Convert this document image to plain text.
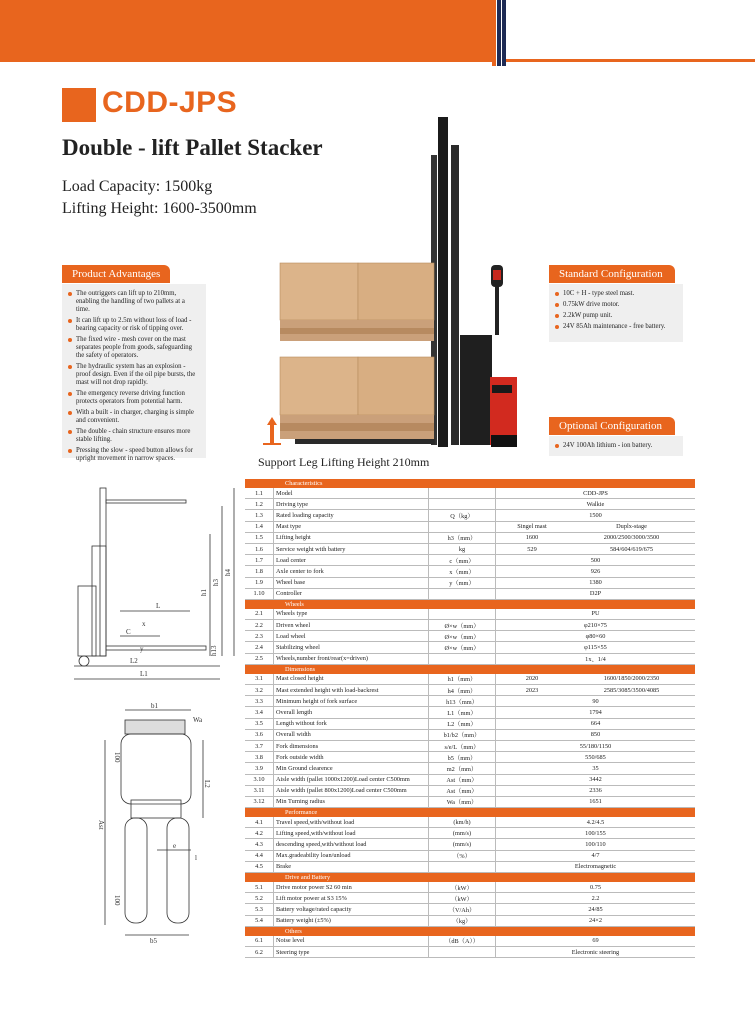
CDD-JPS
Double - lift Pallet Stacker
Load Capacity: 1500kg
Lifting Height: 1600-3500mm
Product Advantages
The outriggers can lift up to 210mm, enabling the handling of two pallets at a time.
It can lift up to 2.5m without loss of load - bearing capacity or risk of tipping over.
The fixed wire - mesh cover on the mast separates people from goods, safeguarding the safety of operators.
The hydraulic system has an explosion - proof design. Even if the oil pipe bursts, the mast will not drop rapidly.
The emergency reverse driving function protects operators from potential harm.
With a built - in charger, charging is simple and convenient.
The double - chain structure ensures more stable lifting.
Pressing the slow - speed button allows for upright movement in narrow spaces.
Standard Configuration
10C + H - type steel mast.
0.75kW drive motor.
2.2kW pump unit.
24V 85Ah maintenance - free battery.
Optional Configuration
24V 100Ah lithium - ion battery.
Support Leg Lifting Height 210mm
h1
h3
h4
L
C
x
y
L1
L2
h13
b1
Wa
100
Ast
L2
e
l
100
b5
Characteristics				
1.1	Model		CDD-JPS	
1.2	Driving type		Walkie	
1.3	Rated loading capacity	Q（kg）	1500	
1.4	Mast type		Singel mast	Duplx-stage
1.5	Lifting height	h3（mm）	1600	2000/2500/3000/3500
1.6	Service weight with battery	kg	529	584/604/619/675
1.7	Load center	c（mm）	500	
1.8	Axle center to fork	x（mm）	926	
1.9	Wheel base	y（mm）	1380	
1.10	Controller		D2P	
Wheels				
2.1	Wheels type		PU	
2.2	Driven wheel	Ø×w（mm）	φ210×75	
2.3	Load wheel	Ø×w（mm）	φ80×60	
2.4	Stabilizing wheel	Ø×w（mm）	φ115×55	
2.5	Wheels,number front/rear(x=driven)		1x、1/4	
Dimensions				
3.1	Mast closed height	h1（mm）	2020	1600/1850/2000/2350
3.2	Mast extended height with load-backrest	h4（mm）	2023	2585/3085/3500/4085
3.3	Minimum height of fork surface	h13（mm）	90	
3.4	Overall length	L1（mm）	1794	
3.5	Length without fork	L2（mm）	664	
3.6	Overall width	b1/b2（mm）	850	
3.7	Fork dimensions	s/e/L（mm）	55/180/1150	
3.8	Fork outside width	b5（mm）	550/685	
3.9	Min Ground clearence	m2（mm）	35	
3.10	Aisle width (pallet 1000x1200)Load center C500mm	Ast（mm）	3442	
3.11	Aisle width (pallet 800x1200)Load center C500mm	Ast（mm）	2336	
3.12	Min Turning radius	Wa（mm）	1651	
Performance				
4.1	Travel speed,with/without load	(km/h)	4.2/4.5	
4.2	Lifting speed,with/without load	(mm/s)	100/155	
4.3	descending speed,with/without load	(mm/s)	100/110	
4.4	Max.gradeability loan/unload	（%）	4/7	
4.5	Brake		Electromagnetic	
Drive and Battery				
5.1	Drive motor power S2 60 min	（kW）	0.75	
5.2	Lift motor power at S3 15%	（kW）	2.2	
5.3	Battery voltage/rated capacity	（V/Ah）	24/85	
5.4	Battery weight (±5%)	（kg）	24×2	
Others				
6.1	Noise level	（dB（A））	69	
6.2	Steering type		Electronic steering	
